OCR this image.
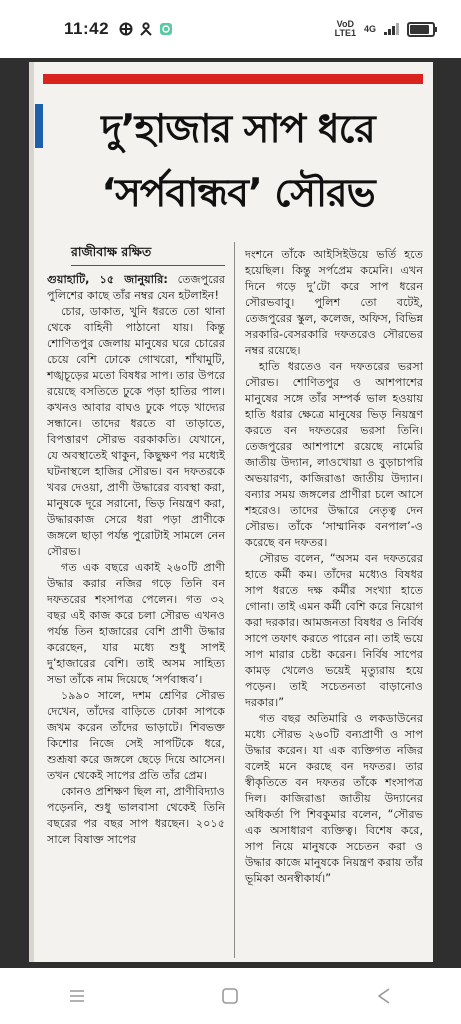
11:42	VoD
LTE1 4G
দু’হাজার সাপ ধরে
‘সর্পবান্ধব’ সৌরভ
রাজীবাক্ষ রক্ষিত

গুয়াহাটি, ১৫ জানুয়ারি: তেজপুরের পুলিশের কাছে তাঁর নম্বর যেন হটলাইন!

চোর, ডাকাত, খুনি ধরতে তো থানা থেকে বাহিনী পাঠানো যায়। কিন্তু শোণিতপুর জেলায় মানুষের ঘরে চোরের চেয়ে বেশি ঢোকে গোখরো, শাঁখামুটি, শঙ্খচূড়ের মতো বিষধর সাপ। তার উপরে রয়েছে বসতিতে ঢুকে পড়া হাতির পাল। কখনও আবার বাঘও ঢুকে পড়ে খাদ্যের সন্ধানে। তাদের ধরতে বা তাড়াতে, বিপত্তারণ সৌরভ বরকাকতি। যেখানে, যে অবস্থাতেই থাকুন, কিছুক্ষণ পর মধ্যেই ঘটনাস্থলে হাজির সৌরভ। বন দফতরকে খবর দেওয়া, প্রাণী উদ্ধারের ব্যবস্থা করা, মানুষকে দূরে সরানো, ভিড় নিয়ন্ত্রণ করা, উদ্ধারকাজ সেরে ধরা পড়া প্রাণীকে জঙ্গলে ছাড়া পর্যন্ত পুরোটাই সামলে নেন সৌরভ।

গত এক বছরে একাই ২৬০টি প্রাণী উদ্ধার করার নজির গড়ে তিনি বন দফতরের শংসাপত্র পেলেন। গত ৩২ বছর এই কাজ করে চলা সৌরভ এখনও পর্যন্ত তিন হাজারের বেশি প্রাণী উদ্ধার করেছেন, যার মধ্যে শুধু সাপই দু’হাজারের বেশি। তাই অসম সাহিত্য সভা তাঁকে নাম দিয়েছে ‘সর্পবান্ধব’।

১৯৯০ সালে, দশম শ্রেণির সৌরভ দেখেন, তাঁদের বাড়িতে ঢোকা সাপকে জখম করেন তাঁদের ভাড়াটে। শিবভক্ত কিশোর নিজে সেই সাপটিকে ধরে, শুশ্রূষা করে জঙ্গলে ছেড়ে দিয়ে আসেন। তখন থেকেই সাপের প্রতি তাঁর প্রেম।

কোনও প্রশিক্ষণ ছিল না, প্রাণীবিদ্যাও পড়েননি, শুধু ভালবাসা থেকেই তিনি বছরের পর বছর সাপ ধরছেন। ২০১৫ সালে বিষাক্ত সাপের

দংশনে তাঁকে আইসিইউয়ে ভর্তি হতে হয়েছিল। কিন্তু সর্পপ্রেম কমেনি। এখন দিনে গড়ে দু’টো করে সাপ ধরেন সৌরভবাবু। পুলিশ তো বটেই, তেজপুরের স্কুল, কলেজ, অফিস, বিভিন্ন সরকারি-বেসরকারি দফতরেও সৌরভের নম্বর রয়েছে।

হাতি ধরতেও বন দফতরের ভরসা সৌরভ। শোণিতপুর ও আশপাশের মানুষের সঙ্গে তাঁর সম্পর্ক ভাল হওয়ায় হাতি ধরার ক্ষেত্রে মানুষের ভিড় নিয়ন্ত্রণ করতে বন দফতরের ভরসা তিনি। তেজপুরের আশপাশে রয়েছে নামেরি জাতীয় উদ্যান, লাওখোয়া ও বুড়াচাপরি অভয়ারণ্য, কাজিরাঙা জাতীয় উদ্যান। বন্যার সময় জঙ্গলের প্রাণীরা চলে আসে শহরেও। তাদের উদ্ধারে নেতৃত্ব দেন সৌরভ। তাঁকে ‘সাম্মানিক বনপাল’-ও করেছে বন দফতর।

সৌরভ বলেন, “অসম বন দফতরের হাতে কর্মী কম। তাঁদের মধ্যেও বিষধর সাপ ধরতে দক্ষ কর্মীর সংখ্যা হাতে গোনা। তাই এমন কর্মী বেশি করে নিয়োগ করা দরকার। আমজনতা বিষধর ও নির্বিষ সাপে তফাৎ করতে পারেন না। তাই ভয়ে সাপ মারার চেষ্টা করেন। নির্বিষ সাপের কামড় খেলেও ভয়েই মৃত্যুরায় হয়ে পড়েন। তাই সচেতনতা বাড়ানোও দরকার।”

গত বছর অতিমারি ও লকডাউনের মধ্যে সৌরভ ২৬০টি বন্যপ্রাণী ও সাপ উদ্ধার করেন। যা এক ব্যক্তিগত নজির বলেই মনে করছে বন দফতর। তার স্বীকৃতিতে বন দফতর তাঁকে শংসাপত্র দিল। কাজিরাঙা জাতীয় উদ্যানের অধিকর্তা পি শিবকুমার বলেন, “সৌরভ এক অসাধারণ ব্যক্তিত্ব। বিশেষ করে, সাপ নিয়ে মানুষকে সচেতন করা ও উদ্ধার কাজে মানুষকে নিয়ন্ত্রণ করায় তাঁর ভূমিকা অনস্বীকার্য।”
